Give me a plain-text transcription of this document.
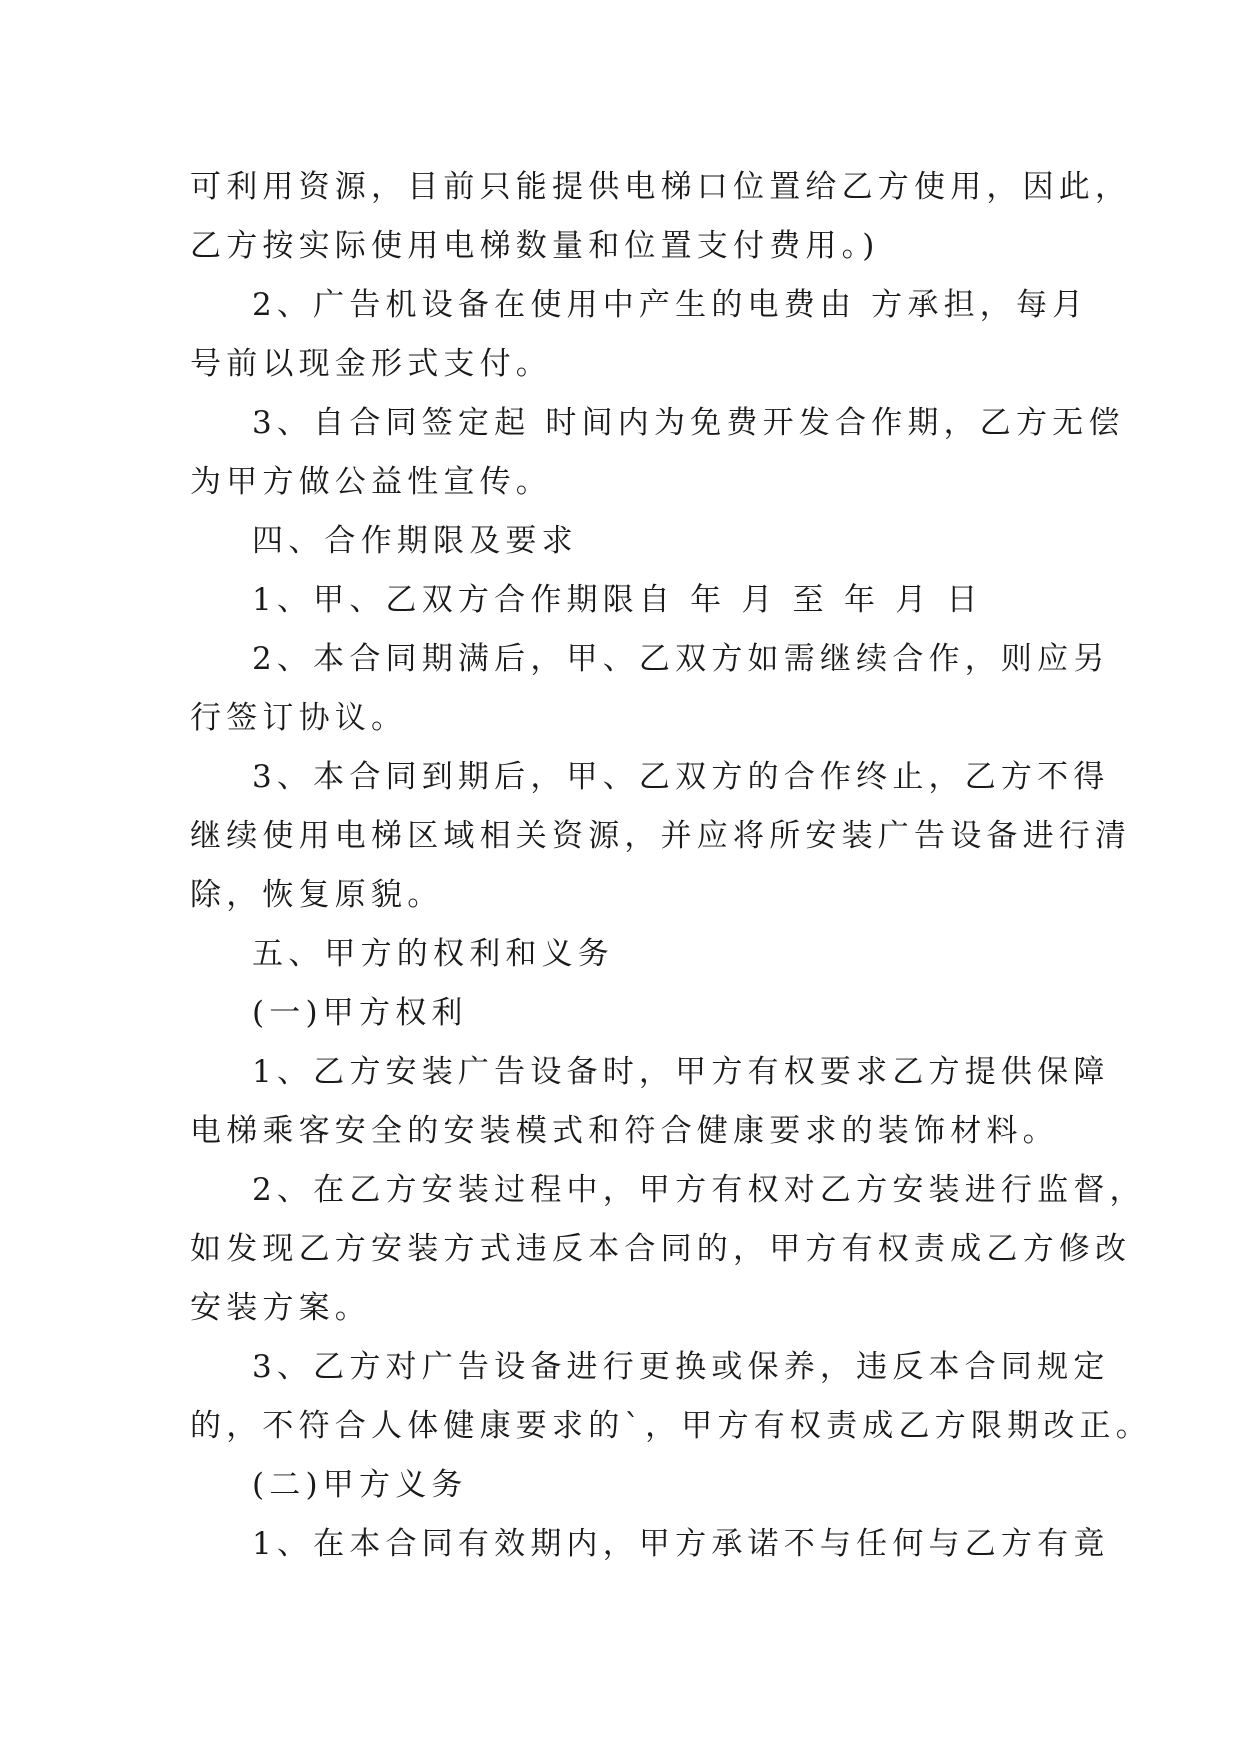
可利用资源，目前只能提供电梯口位置给乙方使用，因此，
乙方按实际使用电梯数量和位置支付费用。)
2、广告机设备在使用中产生的电费由 方承担，每月
号前以现金形式支付。
3、自合同签定起 时间内为免费开发合作期，乙方无偿
为甲方做公益性宣传。
四、合作期限及要求
1、甲、乙双方合作期限自 年 月 至 年 月 日
2、本合同期满后，甲、乙双方如需继续合作，则应另
行签订协议。
3、本合同到期后，甲、乙双方的合作终止，乙方不得
继续使用电梯区域相关资源，并应将所安装广告设备进行清
除，恢复原貌。
五、甲方的权利和义务
(一)甲方权利
1、乙方安装广告设备时，甲方有权要求乙方提供保障
电梯乘客安全的安装模式和符合健康要求的装饰材料。
2、在乙方安装过程中，甲方有权对乙方安装进行监督，
如发现乙方安装方式违反本合同的，甲方有权责成乙方修改
安装方案。
3、乙方对广告设备进行更换或保养，违反本合同规定
的，不符合人体健康要求的`，甲方有权责成乙方限期改正。
(二)甲方义务
1、在本合同有效期内，甲方承诺不与任何与乙方有竟
